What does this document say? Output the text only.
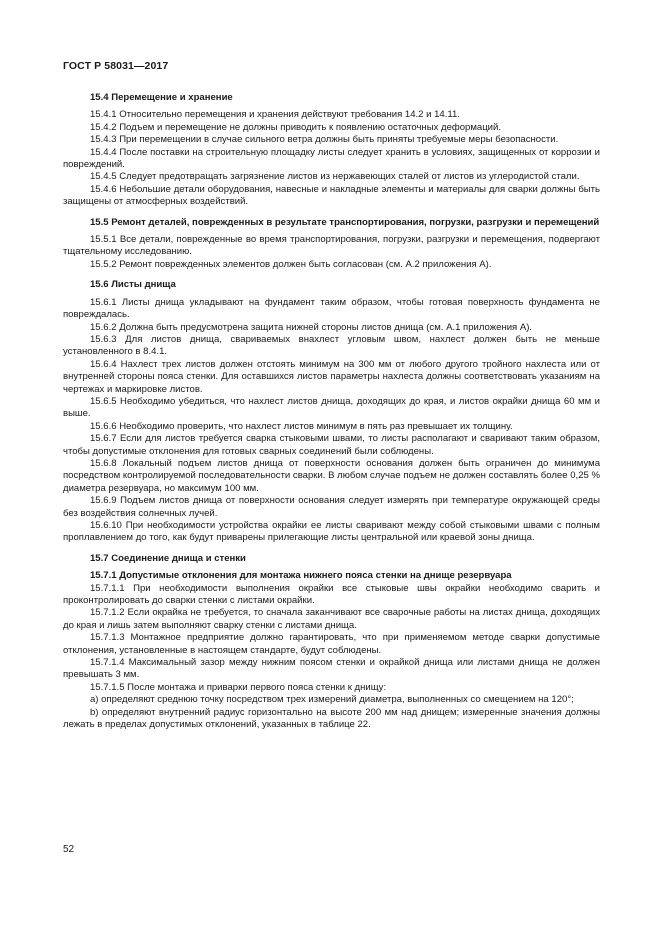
ГОСТ Р 58031—2017

15.4 Перемещение и хранение

15.4.1 Относительно перемещения и хранения действуют требования 14.2 и 14.11.

15.4.2 Подъем и перемещение не должны приводить к появлению остаточных деформаций.

15.4.3 При перемещении в случае сильного ветра должны быть приняты требуемые меры безопасности.

15.4.4 После поставки на строительную площадку листы следует хранить в условиях, защищенных от коррозии и повреждений.

15.4.5 Следует предотвращать загрязнение листов из нержавеющих сталей от листов из углеродистой стали.

15.4.6 Небольшие детали оборудования, навесные и накладные элементы и материалы для сварки должны быть защищены от атмосферных воздействий.

15.5 Ремонт деталей, поврежденных в результате транспортирования, погрузки, разгрузки и перемещений

15.5.1 Все детали, поврежденные во время транспортирования, погрузки, разгрузки и перемещения, подвергают тщательному исследованию.

15.5.2 Ремонт поврежденных элементов должен быть согласован (см. А.2 приложения А).

15.6 Листы днища

15.6.1 Листы днища укладывают на фундамент таким образом, чтобы готовая поверхность фундамента не повреждалась.

15.6.2 Должна быть предусмотрена защита нижней стороны листов днища (см. А.1 приложения А).

15.6.3 Для листов днища, свариваемых внахлест угловым швом, нахлест должен быть не меньше установленного в 8.4.1.

15.6.4 Нахлест трех листов должен отстоять минимум на 300 мм от любого другого тройного нахлеста или от внутренней стороны пояса стенки. Для оставшихся листов параметры нахлеста должны соответствовать указаниям на чертежах и маркировке листов.

15.6.5 Необходимо убедиться, что нахлест листов днища, доходящих до края, и листов окрайки днища 60 мм и выше.

15.6.6 Необходимо проверить, что нахлест листов минимум в пять раз превышает их толщину.

15.6.7 Если для листов требуется сварка стыковыми швами, то листы располагают и сваривают таким образом, чтобы допустимые отклонения для готовых сварных соединений были соблюдены.

15.6.8 Локальный подъем листов днища от поверхности основания должен быть ограничен до минимума посредством контролируемой последовательности сварки. В любом случае подъем не должен составлять более 0,25 % диаметра резервуара, но максимум 100 мм.

15.6.9 Подъем листов днища от поверхности основания следует измерять при температуре окружающей среды без воздействия солнечных лучей.

15.6.10 При необходимости устройства окрайки ее листы сваривают между собой стыковыми швами с полным проплавлением до того, как будут приварены прилегающие листы центральной или краевой зоны днища.

15.7 Соединение днища и стенки

15.7.1 Допустимые отклонения для монтажа нижнего пояса стенки на днище резервуара

15.7.1.1 При необходимости выполнения окрайки все стыковые швы окрайки необходимо сварить и проконтролировать до сварки стенки с листами окрайки.

15.7.1.2 Если окрайка не требуется, то сначала заканчивают все сварочные работы на листах днища, доходящих до края и лишь затем выполняют сварку стенки с листами днища.

15.7.1.3 Монтажное предприятие должно гарантировать, что при применяемом методе сварки допустимые отклонения, установленные в настоящем стандарте, будут соблюдены.

15.7.1.4 Максимальный зазор между нижним поясом стенки и окрайкой днища или листами днища не должен превышать 3 мм.

15.7.1.5 После монтажа и приварки первого пояса стенки к днищу:

a) определяют среднюю точку посредством трех измерений диаметра, выполненных со смещением на 120°;

b) определяют внутренний радиус горизонтально на высоте 200 мм над днищем; измеренные значения должны лежать в пределах допустимых отклонений, указанных в таблице 22.

52
